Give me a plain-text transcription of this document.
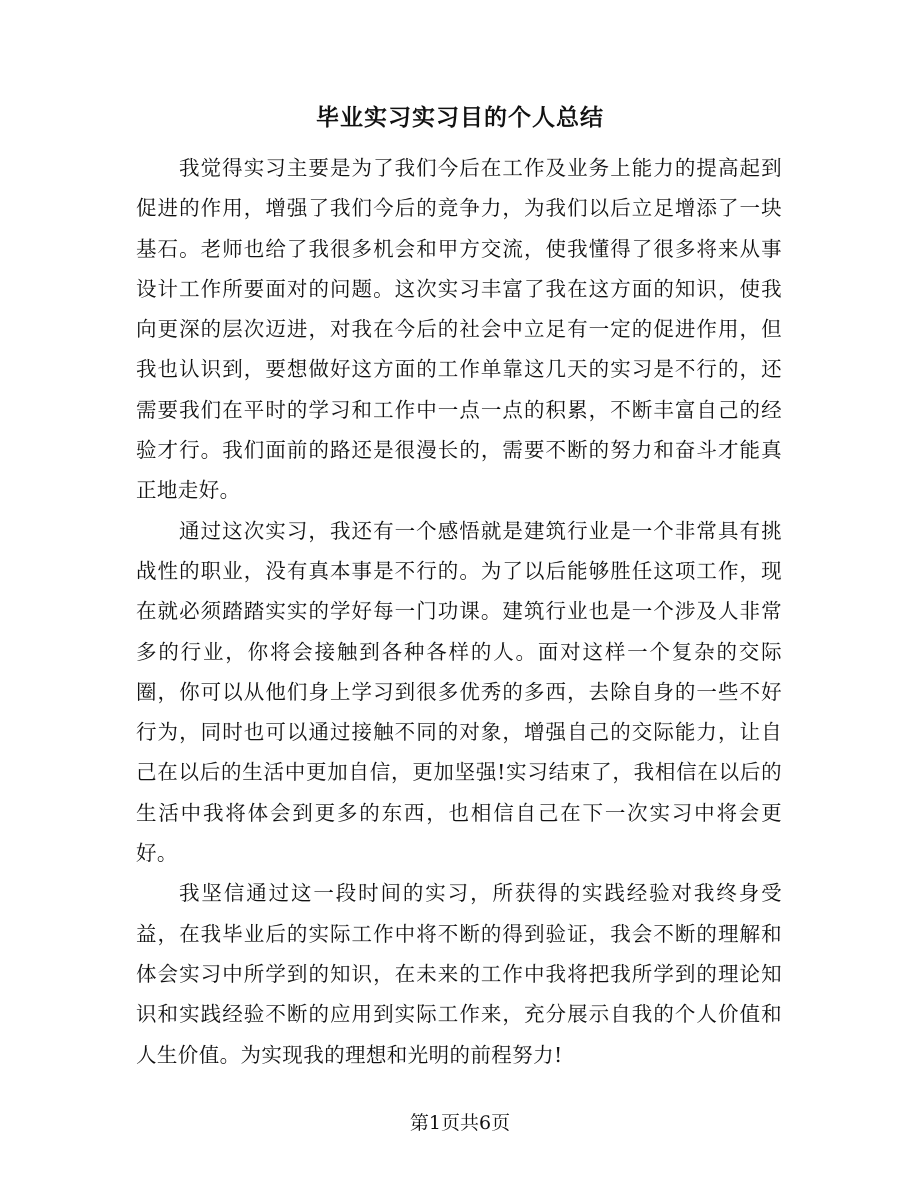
毕业实习实习目的个人总结

我觉得实习主要是为了我们今后在工作及业务上能力的提高起到促进的作用，增强了我们今后的竞争力，为我们以后立足增添了一块基石。老师也给了我很多机会和甲方交流，使我懂得了很多将来从事设计工作所要面对的问题。这次实习丰富了我在这方面的知识，使我向更深的层次迈进，对我在今后的社会中立足有一定的促进作用，但我也认识到，要想做好这方面的工作单靠这几天的实习是不行的，还需要我们在平时的学习和工作中一点一点的积累，不断丰富自己的经验才行。我们面前的路还是很漫长的，需要不断的努力和奋斗才能真正地走好。

通过这次实习，我还有一个感悟就是建筑行业是一个非常具有挑战性的职业，没有真本事是不行的。为了以后能够胜任这项工作，现在就必须踏踏实实的学好每一门功课。建筑行业也是一个涉及人非常多的行业，你将会接触到各种各样的人。面对这样一个复杂的交际圈，你可以从他们身上学习到很多优秀的多西，去除自身的一些不好行为，同时也可以通过接触不同的对象，增强自己的交际能力，让自己在以后的生活中更加自信，更加坚强!实习结束了，我相信在以后的生活中我将体会到更多的东西，也相信自己在下一次实习中将会更好。

我坚信通过这一段时间的实习，所获得的实践经验对我终身受益，在我毕业后的实际工作中将不断的得到验证，我会不断的理解和体会实习中所学到的知识，在未来的工作中我将把我所学到的理论知识和实践经验不断的应用到实际工作来，充分展示自我的个人价值和人生价值。为实现我的理想和光明的前程努力!

第1页共6页
